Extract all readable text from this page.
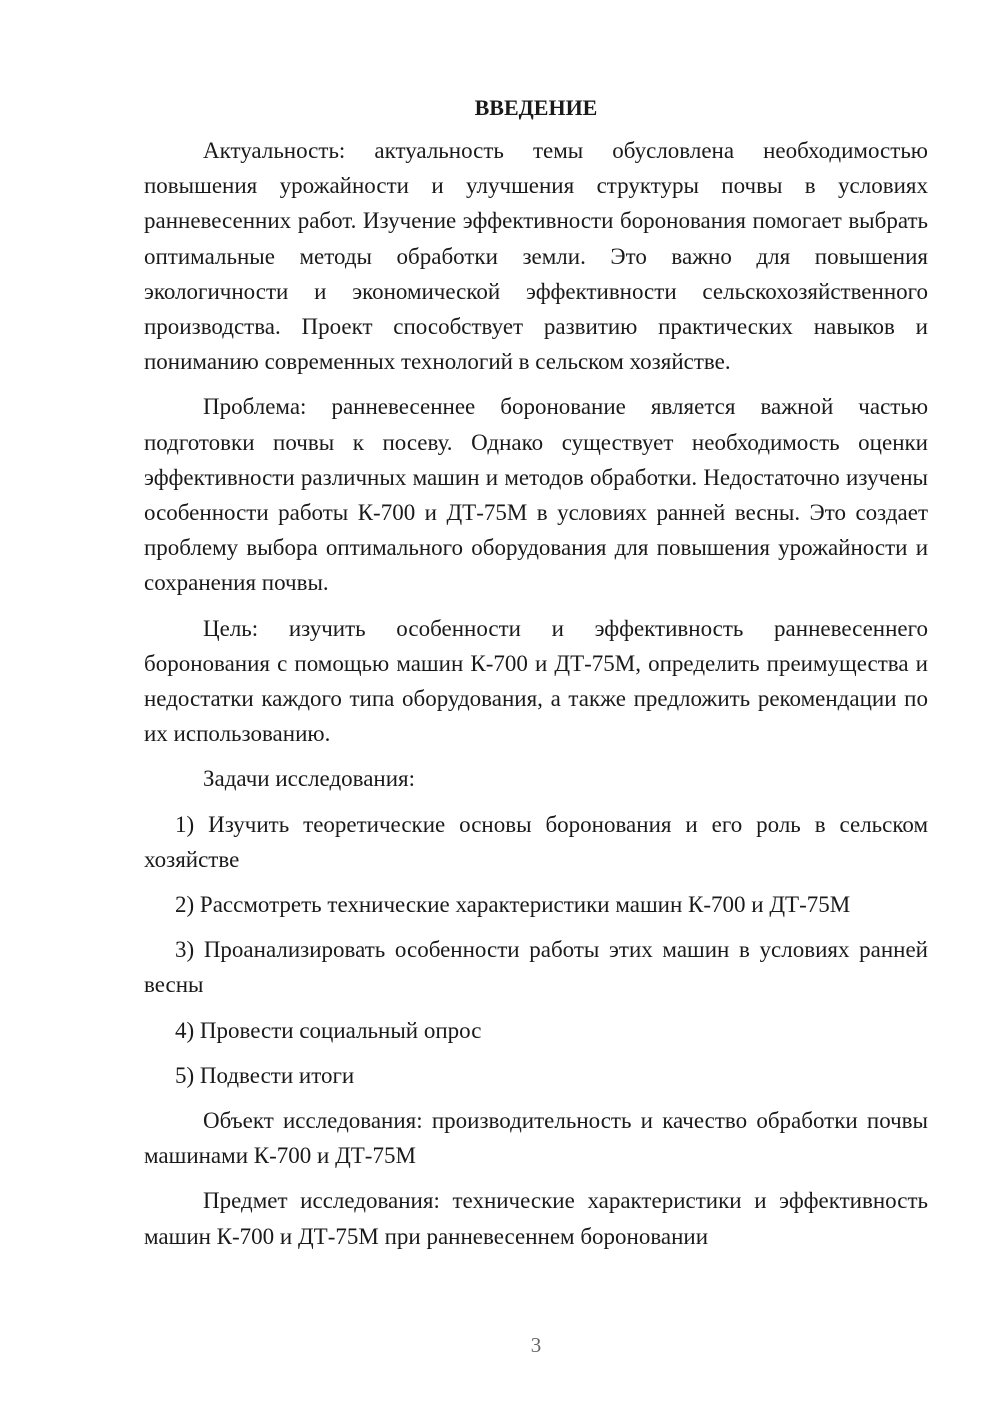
ВВЕДЕНИЕ

Актуальность: актуальность темы обусловлена необходимостью повышения урожайности и улучшения структуры почвы в условиях ранневесенних работ. Изучение эффективности боронования помогает выбрать оптимальные методы обработки земли. Это важно для повышения экологичности и экономической эффективности сельскохозяйственного производства. Проект способствует развитию практических навыков и пониманию современных технологий в сельском хозяйстве.

Проблема: ранневесеннее боронование является важной частью подготовки почвы к посеву. Однако существует необходимость оценки эффективности различных машин и методов обработки. Недостаточно изучены особенности работы К-700 и ДТ-75М в условиях ранней весны. Это создает проблему выбора оптимального оборудования для повышения урожайности и сохранения почвы.

Цель: изучить особенности и эффективность ранневесеннего боронования с помощью машин К-700 и ДТ-75М, определить преимущества и недостатки каждого типа оборудования, а также предложить рекомендации по их использованию.

Задачи исследования:

1) Изучить теоретические основы боронования и его роль в сельском хозяйстве

2) Рассмотреть технические характеристики машин К-700 и ДТ-75М

3) Проанализировать особенности работы этих машин в условиях ранней весны

4) Провести социальный опрос

5) Подвести итоги

Объект исследования: производительность и качество обработки почвы машинами К-700 и ДТ-75М

Предмет исследования: технические характеристики и эффективность машин К-700 и ДТ-75М при ранневесеннем бороновании

3
